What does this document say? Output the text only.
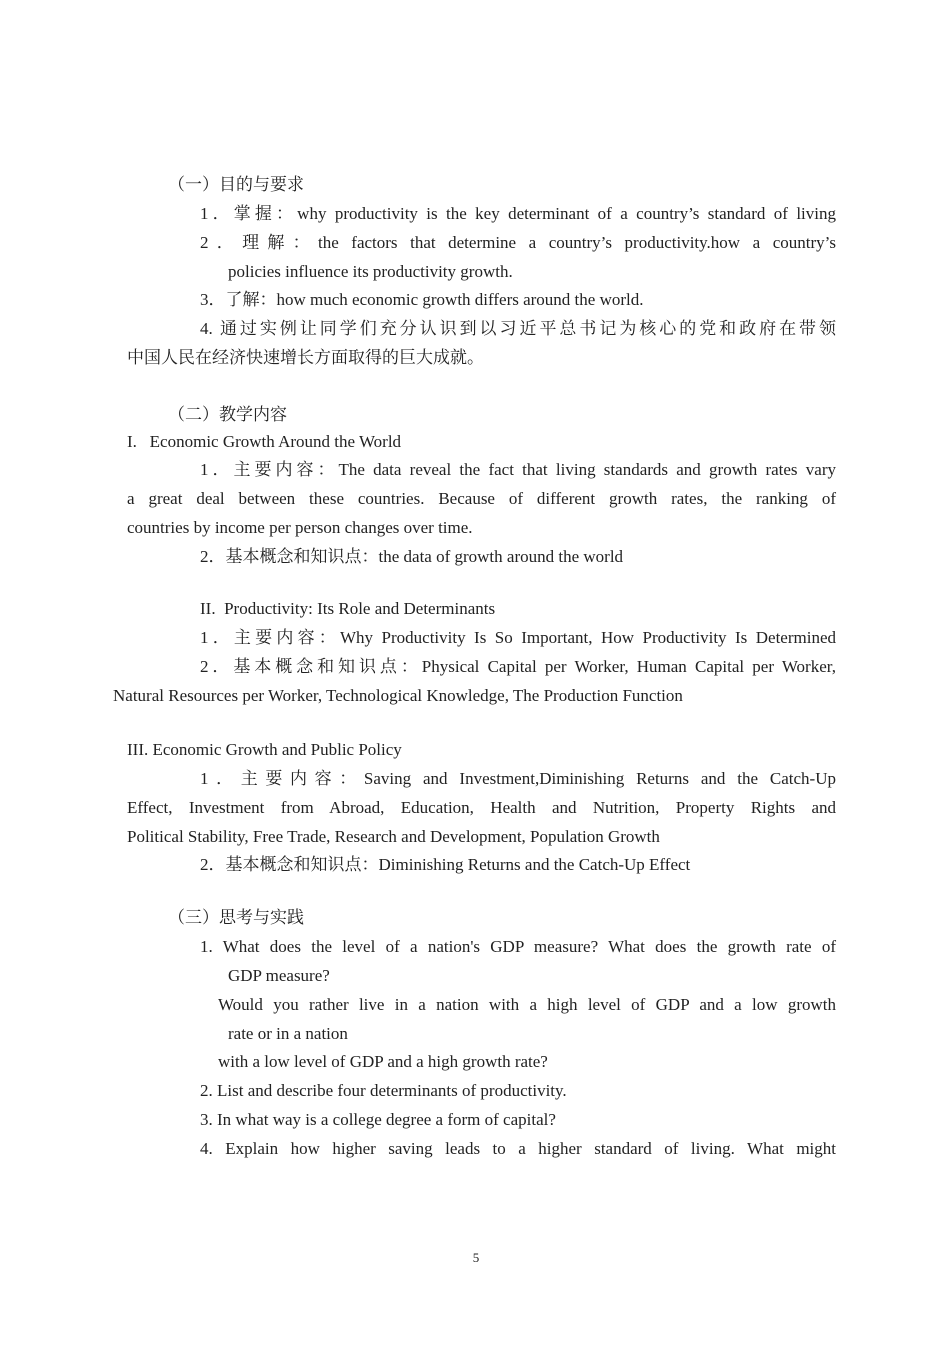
（一）目的与要求
1．掌握：why productivity is the key determinant of a country’s standard of living
2．理解：the factors that determine a country’s productivity.how a country’s
policies influence its productivity growth.
3．了解：how much economic growth differs around the world.
4. 通过实例让同学们充分认识到以习近平总书记为核心的党和政府在带领
中国人民在经济快速增长方面取得的巨大成就。
（二）教学内容
I.   Economic Growth Around the World
1．主要内容：The data reveal the fact that living standards and growth rates vary
a great deal between these countries. Because of different growth rates, the ranking of
countries by income per person changes over time.
2．基本概念和知识点：the data of growth around the world
II.  Productivity: Its Role and Determinants
1．主要内容：Why Productivity Is So Important, How Productivity Is Determined
2．基本概念和知识点：Physical Capital per Worker, Human Capital per Worker,
Natural Resources per Worker, Technological Knowledge, The Production Function
III. Economic Growth and Public Policy
1．主要内容：Saving and Investment,Diminishing Returns and the Catch-Up
Effect, Investment from Abroad, Education, Health and Nutrition, Property Rights and
Political Stability, Free Trade, Research and Development, Population Growth
2．基本概念和知识点：Diminishing Returns and the Catch-Up Effect
（三）思考与实践
1. What does the level of a nation's GDP measure? What does the growth rate of
GDP measure?
Would you rather live in a nation with a high level of GDP and a low growth
rate or in a nation
with a low level of GDP and a high growth rate?
2. List and describe four determinants of productivity.
3. In what way is a college degree a form of capital?
4. Explain how higher saving leads to a higher standard of living. What might
5
